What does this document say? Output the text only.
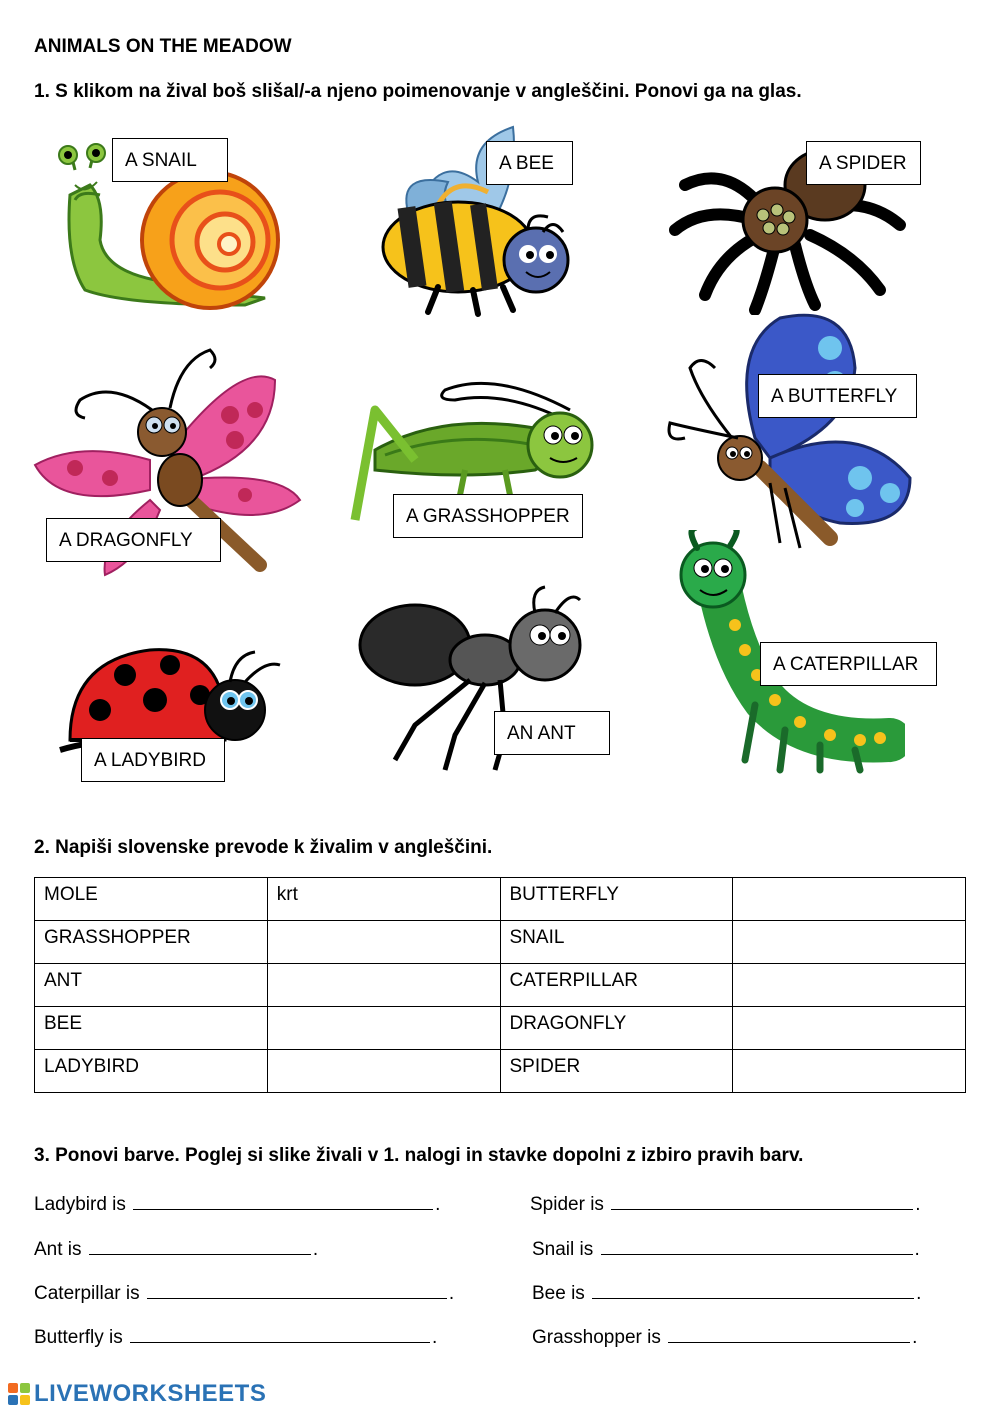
ANIMALS ON THE MEADOW
1. S klikom na žival boš slišal/-a njeno poimenovanje v angleščini. Ponovi ga na glas.
A SNAIL	A BEE	A SPIDER
A BUTTERFLY
A DRAGONFLY
A GRASSHOPPER
A CATERPILLAR
A LADYBIRD
AN ANT
2. Napiši slovenske prevode k živalim v angleščini.
MOLE	krt	BUTTERFLY	
GRASSHOPPER		SNAIL	
ANT		CATERPILLAR	
BEE		DRAGONFLY	
LADYBIRD		SPIDER	
3. Ponovi barve. Poglej si slike živali v 1. nalogi in stavke dopolni z izbiro pravih barv.
Ladybird is	.	Spider is	.
Ant is	.	Snail is	.
Caterpillar is	.	Bee is	.
Butterfly is	.	Grasshopper is	.
LIVEWORKSHEETS
